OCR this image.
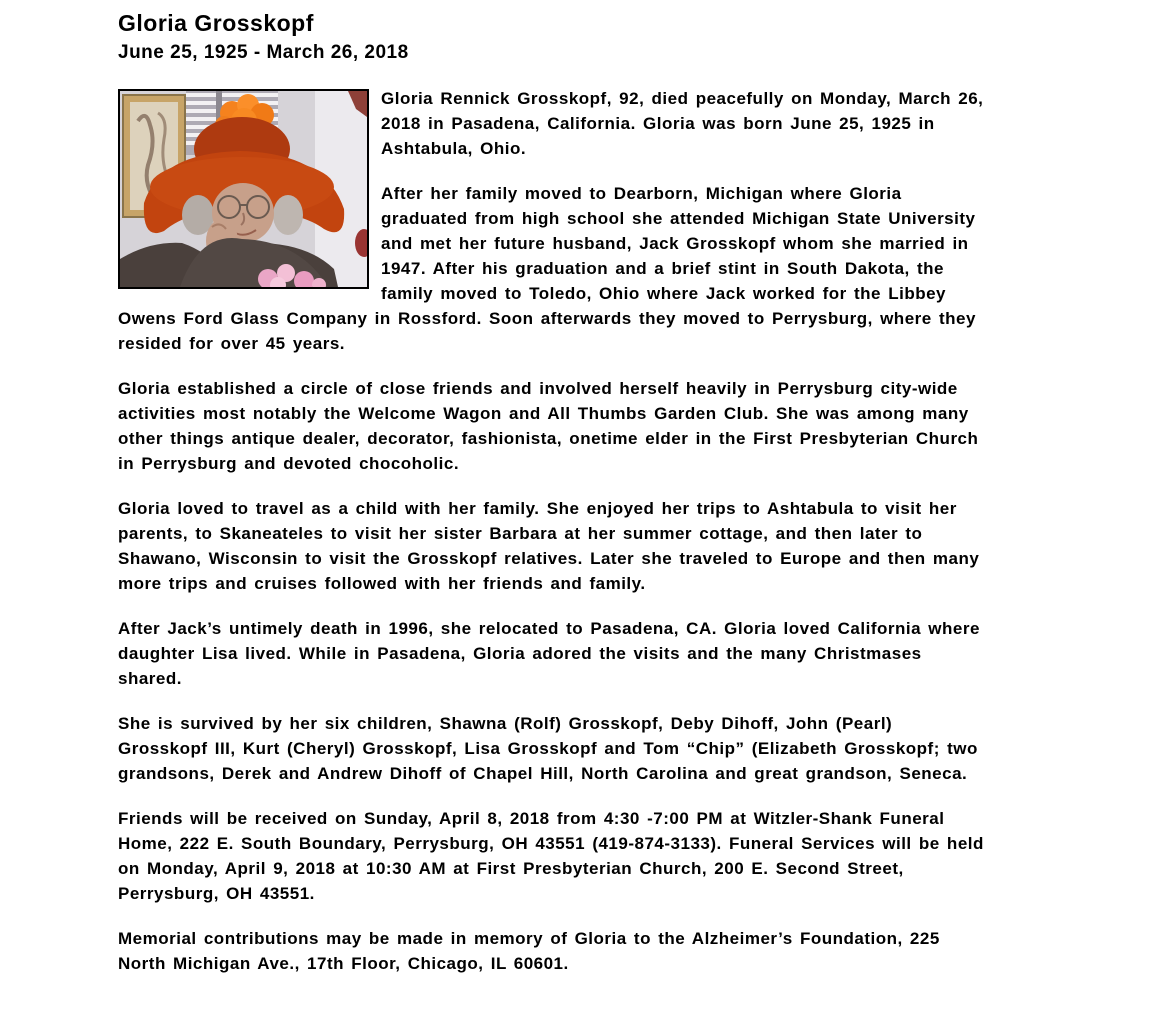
Gloria Grosskopf
June 25, 1925 - March 26, 2018

Gloria Rennick Grosskopf, 92, died peacefully on Monday, March 26, 2018 in Pasadena, California. Gloria was born June 25, 1925 in Ashtabula, Ohio.

After her family moved to Dearborn, Michigan where Gloria graduated from high school she attended Michigan State University and met her future husband, Jack Grosskopf whom she married in 1947. After his graduation and a brief stint in South Dakota, the family moved to Toledo, Ohio where Jack worked for the Libbey Owens Ford Glass Company in Rossford. Soon afterwards they moved to Perrysburg, where they resided for over 45 years.

Gloria established a circle of close friends and involved herself heavily in Perrysburg city-wide activities most notably the Welcome Wagon and All Thumbs Garden Club. She was among many other things antique dealer, decorator, fashionista, onetime elder in the First Presbyterian Church in Perrysburg and devoted chocoholic.

Gloria loved to travel as a child with her family. She enjoyed her trips to Ashtabula to visit her parents, to Skaneateles to visit her sister Barbara at her summer cottage, and then later to Shawano, Wisconsin to visit the Grosskopf relatives. Later she traveled to Europe and then many more trips and cruises followed with her friends and family.

After Jack’s untimely death in 1996, she relocated to Pasadena, CA. Gloria loved California where daughter Lisa lived. While in Pasadena, Gloria adored the visits and the many Christmases shared.

She is survived by her six children, Shawna (Rolf) Grosskopf, Deby Dihoff, John (Pearl) Grosskopf III, Kurt (Cheryl) Grosskopf, Lisa Grosskopf and Tom “Chip” (Elizabeth Grosskopf; two grandsons, Derek and Andrew Dihoff of Chapel Hill, North Carolina and great grandson, Seneca.

Friends will be received on Sunday, April 8, 2018 from 4:30 -7:00 PM at Witzler-Shank Funeral Home, 222 E. South Boundary, Perrysburg, OH 43551 (419-874-3133). Funeral Services will be held on Monday, April 9, 2018 at 10:30 AM at First Presbyterian Church, 200 E. Second Street, Perrysburg, OH 43551.

Memorial contributions may be made in memory of Gloria to the Alzheimer’s Foundation, 225 North Michigan Ave., 17th Floor, Chicago, IL 60601.
